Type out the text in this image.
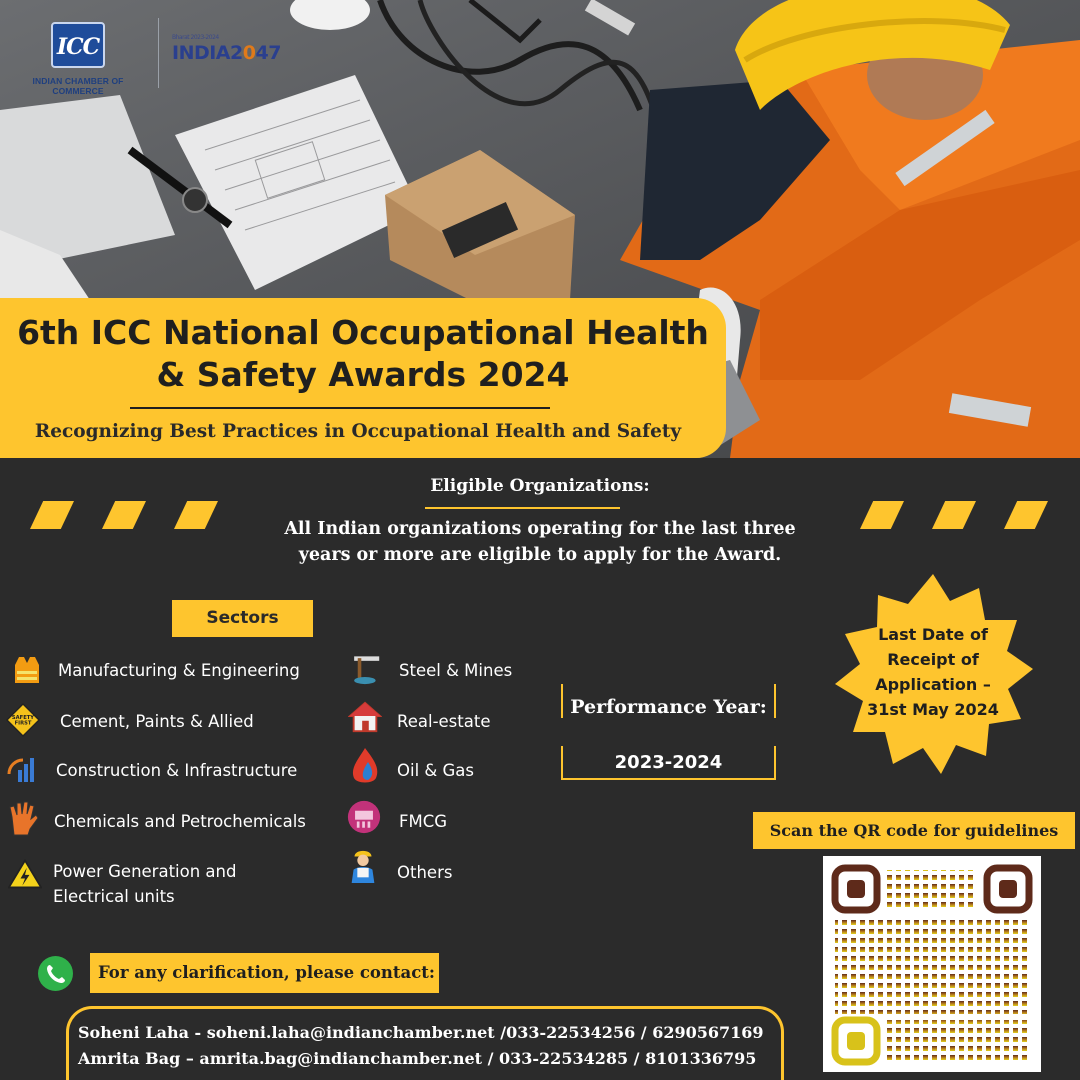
ICC
INDIAN CHAMBER OF COMMERCE
Bharat 2023-2024
INDIA2047
6th ICC National Occupational Health
& Safety Awards 2024
Recognizing Best Practices in Occupational Health and Safety
Eligible Organizations:
All Indian organizations operating for the last three
years or more are eligible to apply for the Award.
Sectors
Manufacturing & Engineering
SAFETY
FIRST Cement, Paints & Allied
Construction & Infrastructure
Chemicals and Petrochemicals
Power Generation and
Electrical units
Steel & Mines
Real-estate
Oil & Gas
FMCG
Others
Performance Year:
2023-2024
Last Date of
Receipt of
Application –
31st May 2024
Scan the QR code for guidelines
For any clarification, please contact:
Soheni Laha - soheni.laha@indianchamber.net /033-22534256 / 6290567169
Amrita Bag – amrita.bag@indianchamber.net / 033-22534285 / 8101336795
